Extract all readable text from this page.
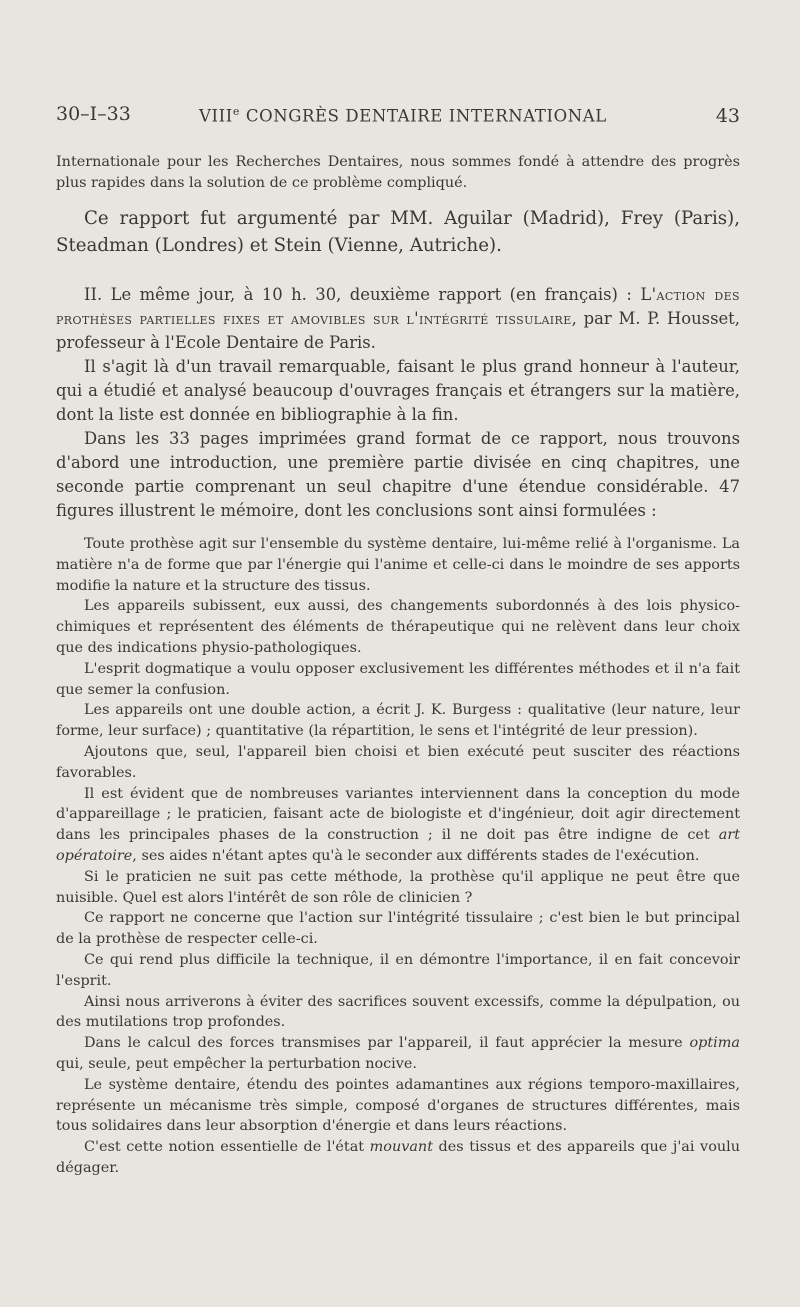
30–I–33	VIIIe CONGRÈS DENTAIRE INTERNATIONAL	43

Internationale pour les Recherches Dentaires, nous sommes fondé à attendre des progrès plus rapides dans la solution de ce problème compliqué.

Ce rapport fut argumenté par MM. Aguilar (Madrid), Frey (Paris), Steadman (Londres) et Stein (Vienne, Autriche).

II. Le même jour, à 10 h. 30, deuxième rapport (en français) : L'action des prothèses partielles fixes et amovibles sur l'intégrité tissulaire, par M. P. Housset, professeur à l'Ecole Dentaire de Paris.

Il s'agit là d'un travail remarquable, faisant le plus grand honneur à l'auteur, qui a étudié et analysé beaucoup d'ouvrages français et étrangers sur la matière, dont la liste est donnée en bibliographie à la fin.

Dans les 33 pages imprimées grand format de ce rapport, nous trouvons d'abord une introduction, une première partie divisée en cinq chapitres, une seconde partie comprenant un seul chapitre d'une étendue considérable. 47 figures illustrent le mémoire, dont les conclusions sont ainsi formulées :

Toute prothèse agit sur l'ensemble du système dentaire, lui-même relié à l'organisme. La matière n'a de forme que par l'énergie qui l'anime et celle-ci dans le moindre de ses apports modifie la nature et la structure des tissus.

Les appareils subissent, eux aussi, des changements subordonnés à des lois physico-chimiques et représentent des éléments de thérapeutique qui ne relèvent dans leur choix que des indications physio-pathologiques.

L'esprit dogmatique a voulu opposer exclusivement les différentes méthodes et il n'a fait que semer la confusion.

Les appareils ont une double action, a écrit J. K. Burgess : qualitative (leur nature, leur forme, leur surface) ; quantitative (la répartition, le sens et l'intégrité de leur pression).

Ajoutons que, seul, l'appareil bien choisi et bien exécuté peut susciter des réactions favorables.

Il est évident que de nombreuses variantes interviennent dans la conception du mode d'appareillage ; le praticien, faisant acte de biologiste et d'ingénieur, doit agir directement dans les principales phases de la construction ; il ne doit pas être indigne de cet art opératoire, ses aides n'étant aptes qu'à le seconder aux différents stades de l'exécution.

Si le praticien ne suit pas cette méthode, la prothèse qu'il applique ne peut être que nuisible. Quel est alors l'intérêt de son rôle de clinicien ?

Ce rapport ne concerne que l'action sur l'intégrité tissulaire ; c'est bien le but principal de la prothèse de respecter celle-ci.

Ce qui rend plus difficile la technique, il en démontre l'importance, il en fait concevoir l'esprit.

Ainsi nous arriverons à éviter des sacrifices souvent excessifs, comme la dépulpation, ou des mutilations trop profondes.

Dans le calcul des forces transmises par l'appareil, il faut apprécier la mesure optima qui, seule, peut empêcher la perturbation nocive.

Le système dentaire, étendu des pointes adamantines aux régions temporo-maxillaires, représente un mécanisme très simple, composé d'organes de structures différentes, mais tous solidaires dans leur absorption d'énergie et dans leurs réactions.

C'est cette notion essentielle de l'état mouvant des tissus et des appareils que j'ai voulu dégager.
